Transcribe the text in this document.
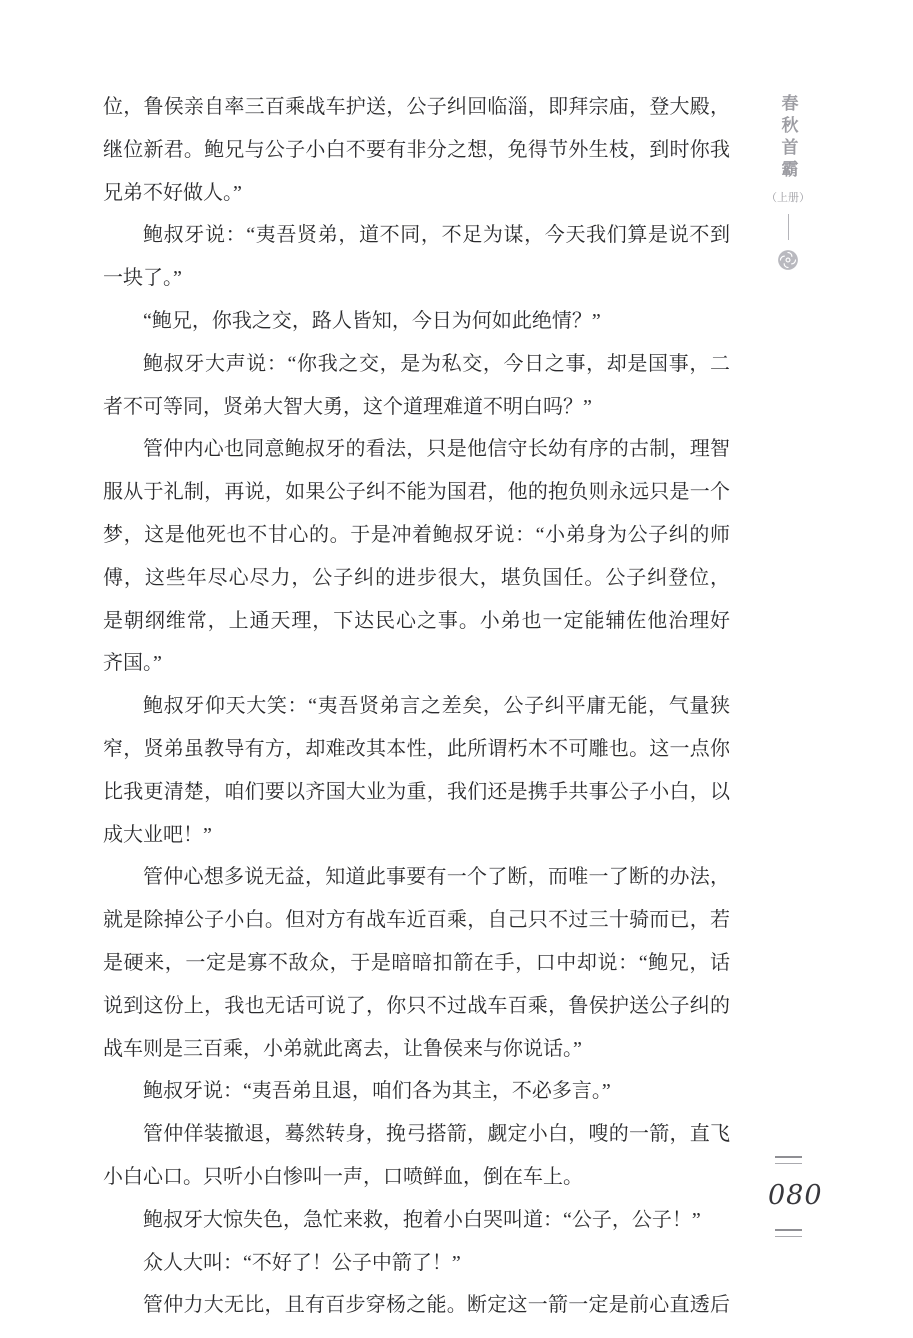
位，鲁侯亲自率三百乘战车护送，公子纠回临淄，即拜宗庙，登大殿，
继位新君。鲍兄与公子小白不要有非分之想，免得节外生枝，到时你我
兄弟不好做人。”
鲍叔牙说：“夷吾贤弟，道不同，不足为谋，今天我们算是说不到
一块了。”
“鲍兄，你我之交，路人皆知，今日为何如此绝情？”
鲍叔牙大声说：“你我之交，是为私交，今日之事，却是国事，二
者不可等同，贤弟大智大勇，这个道理难道不明白吗？”
管仲内心也同意鲍叔牙的看法，只是他信守长幼有序的古制，理智
服从于礼制，再说，如果公子纠不能为国君，他的抱负则永远只是一个
梦，这是他死也不甘心的。于是冲着鲍叔牙说：“小弟身为公子纠的师
傅，这些年尽心尽力，公子纠的进步很大，堪负国任。公子纠登位，
是朝纲维常，上通天理，下达民心之事。小弟也一定能辅佐他治理好
齐国。”
鲍叔牙仰天大笑：“夷吾贤弟言之差矣，公子纠平庸无能，气量狭
窄，贤弟虽教导有方，却难改其本性，此所谓朽木不可雕也。这一点你
比我更清楚，咱们要以齐国大业为重，我们还是携手共事公子小白，以
成大业吧！”
管仲心想多说无益，知道此事要有一个了断，而唯一了断的办法，
就是除掉公子小白。但对方有战车近百乘，自己只不过三十骑而已，若
是硬来，一定是寡不敌众，于是暗暗扣箭在手，口中却说：“鲍兄，话
说到这份上，我也无话可说了，你只不过战车百乘，鲁侯护送公子纠的
战车则是三百乘，小弟就此离去，让鲁侯来与你说话。”
鲍叔牙说：“夷吾弟且退，咱们各为其主，不必多言。”
管仲佯装撤退，蓦然转身，挽弓搭箭，觑定小白，嗖的一箭，直飞
小白心口。只听小白惨叫一声，口喷鲜血，倒在车上。
鲍叔牙大惊失色，急忙来救，抱着小白哭叫道：“公子，公子！”
众人大叫：“不好了！公子中箭了！”
管仲力大无比，且有百步穿杨之能。断定这一箭一定是前心直透后
春秋首霸
（上册）
080
